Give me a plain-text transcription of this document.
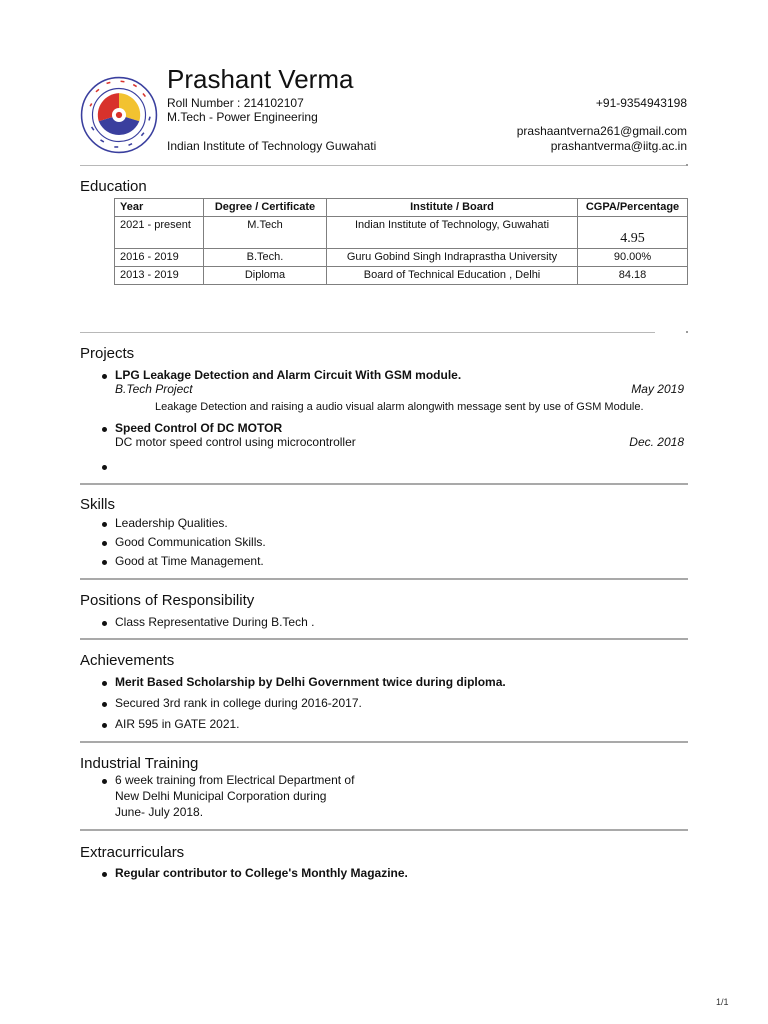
Prashant Verma
Roll Number : 214102107
M.Tech - Power Engineering
Indian Institute of Technology Guwahati
+91-9354943198
prashaantverna261@gmail.com
prashantverma@iitg.ac.in
Education
Year	Degree / Certificate	Institute / Board	CGPA/Percentage
2021 - present	M.Tech	Indian Institute of Technology, Guwahati	4.95
2016 - 2019	B.Tech.	Guru Gobind Singh Indraprastha University	90.00%
2013 - 2019	Diploma	Board of Technical Education , Delhi	84.18
Projects
LPG Leakage Detection and Alarm Circuit With GSM module.
B.Tech Project	May 2019
Leakage Detection and raising a audio visual alarm alongwith message sent by use of GSM Module.
Speed Control Of DC MOTOR
DC motor speed control using microcontroller	Dec. 2018
Skills
Leadership Qualities.
Good Communication Skills.
Good at Time Management.
Positions of Responsibility
Class Representative During B.Tech .
Achievements
Merit Based Scholarship by Delhi Government twice during diploma.
Secured 3rd rank in college during 2016-2017.
AIR 595 in GATE 2021.
Industrial Training
6 week training from Electrical Department of
New Delhi Municipal Corporation during
June- July 2018.
Extracurriculars
Regular contributor to College's Monthly Magazine.
1/1
